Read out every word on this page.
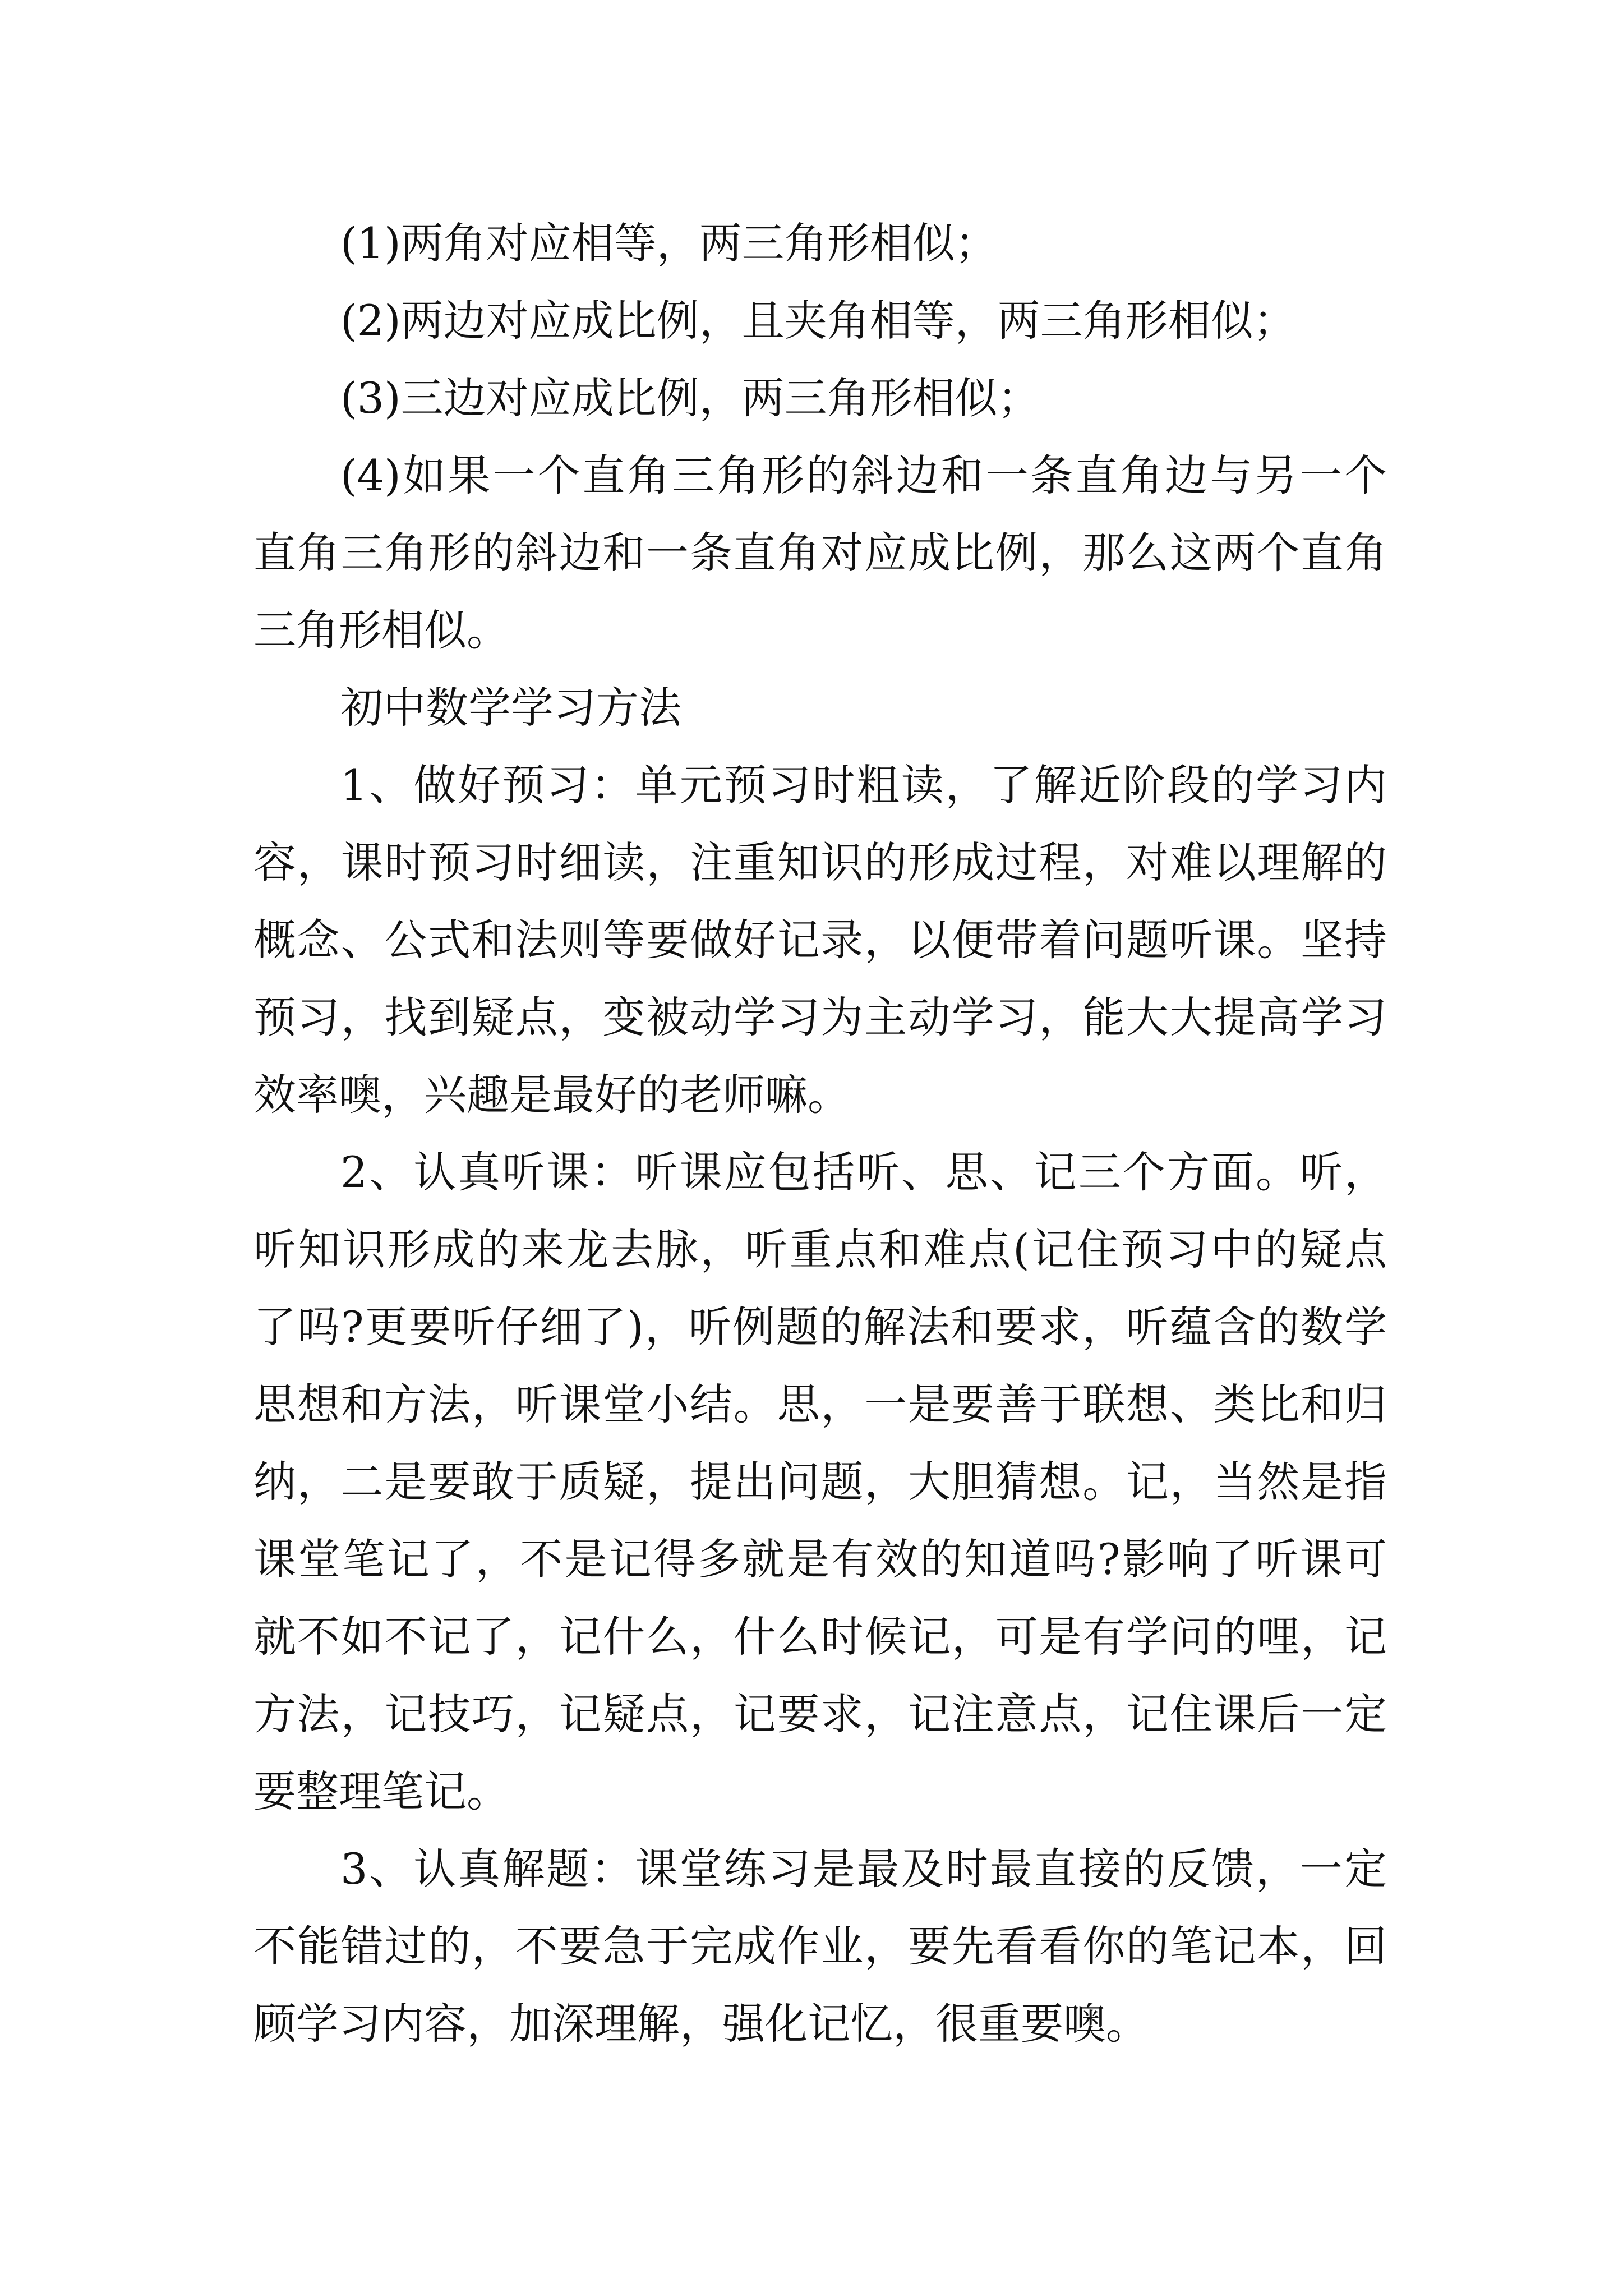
(1)两角对应相等，两三角形相似；
(2)两边对应成比例，且夹角相等，两三角形相似；
(3)三边对应成比例，两三角形相似；
(4)如果一个直角三角形的斜边和一条直角边与另一个
直角三角形的斜边和一条直角对应成比例，那么这两个直角
三角形相似。
初中数学学习方法
1、做好预习：单元预习时粗读，了解近阶段的学习内
容，课时预习时细读，注重知识的形成过程，对难以理解的
概念、公式和法则等要做好记录，以便带着问题听课。坚持
预习，找到疑点，变被动学习为主动学习，能大大提高学习
效率噢，兴趣是最好的老师嘛。
2、认真听课：听课应包括听、思、记三个方面。听，
听知识形成的来龙去脉，听重点和难点(记住预习中的疑点
了吗?更要听仔细了)，听例题的解法和要求，听蕴含的数学
思想和方法，听课堂小结。思，一是要善于联想、类比和归
纳，二是要敢于质疑，提出问题，大胆猜想。记，当然是指
课堂笔记了，不是记得多就是有效的知道吗?影响了听课可
就不如不记了，记什么，什么时候记，可是有学问的哩，记
方法，记技巧，记疑点，记要求，记注意点，记住课后一定
要整理笔记。
3、认真解题：课堂练习是最及时最直接的反馈，一定
不能错过的，不要急于完成作业，要先看看你的笔记本，回
顾学习内容，加深理解，强化记忆，很重要噢。
